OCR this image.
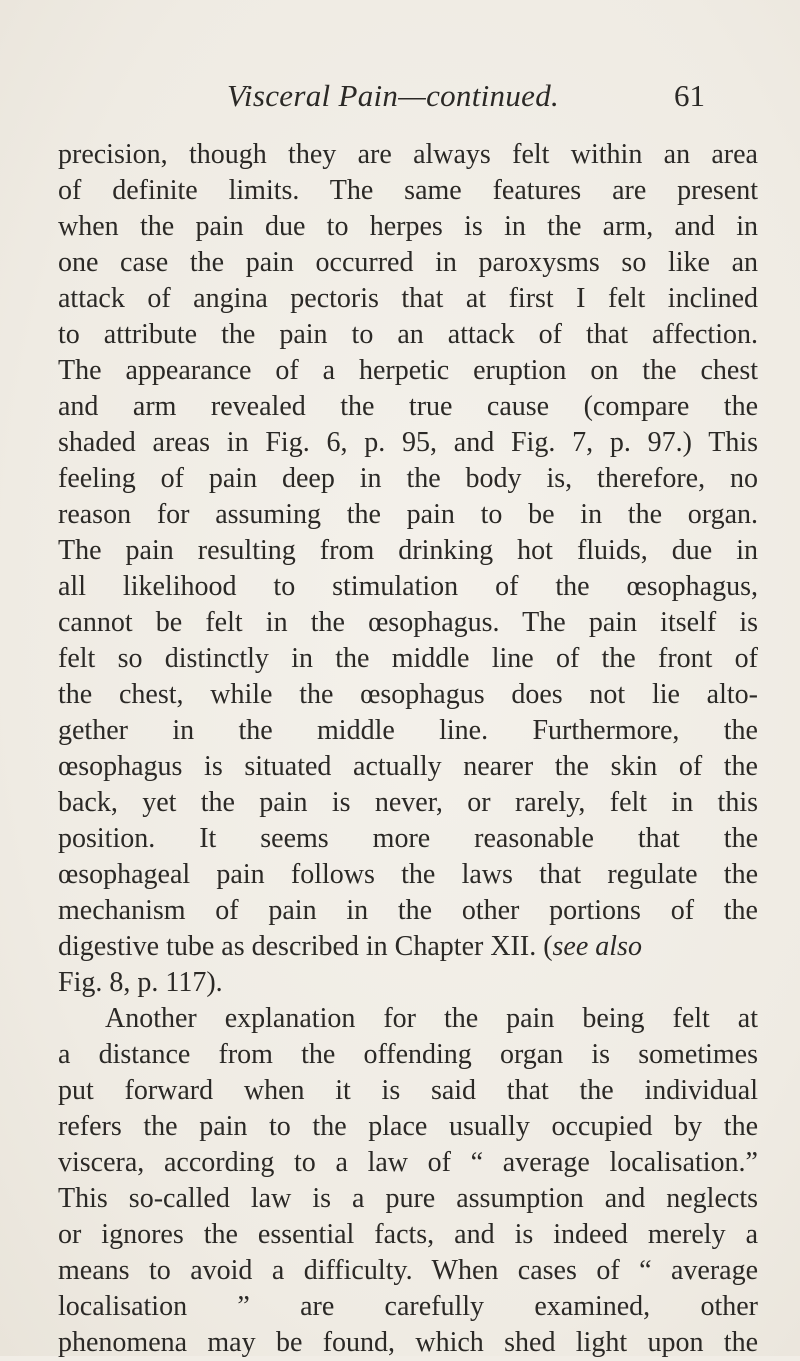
Visceral Pain—continued.	61
precision, though they are always felt within an area
of definite limits. The same features are present
when the pain due to herpes is in the arm, and in
one case the pain occurred in paroxysms so like an
attack of angina pectoris that at first I felt inclined
to attribute the pain to an attack of that affection.
The appearance of a herpetic eruption on the chest
and arm revealed the true cause (compare the
shaded areas in Fig. 6, p. 95, and Fig. 7, p. 97.) This
feeling of pain deep in the body is, therefore, no
reason for assuming the pain to be in the organ.
The pain resulting from drinking hot fluids, due in
all likelihood to stimulation of the œsophagus,
cannot be felt in the œsophagus. The pain itself is
felt so distinctly in the middle line of the front of
the chest, while the œsophagus does not lie alto-
gether in the middle line. Furthermore, the
œsophagus is situated actually nearer the skin of the
back, yet the pain is never, or rarely, felt in this
position. It seems more reasonable that the
œsophageal pain follows the laws that regulate the
mechanism of pain in the other portions of the
digestive tube as described in Chapter XII. (see also
Fig. 8, p. 117).
Another explanation for the pain being felt at
a distance from the offending organ is sometimes
put forward when it is said that the individual
refers the pain to the place usually occupied by the
viscera, according to a law of “ average localisation.”
This so-called law is a pure assumption and neglects
or ignores the essential facts, and is indeed merely a
means to avoid a difficulty. When cases of “ average
localisation ” are carefully examined, other
phenomena may be found, which shed light upon the
